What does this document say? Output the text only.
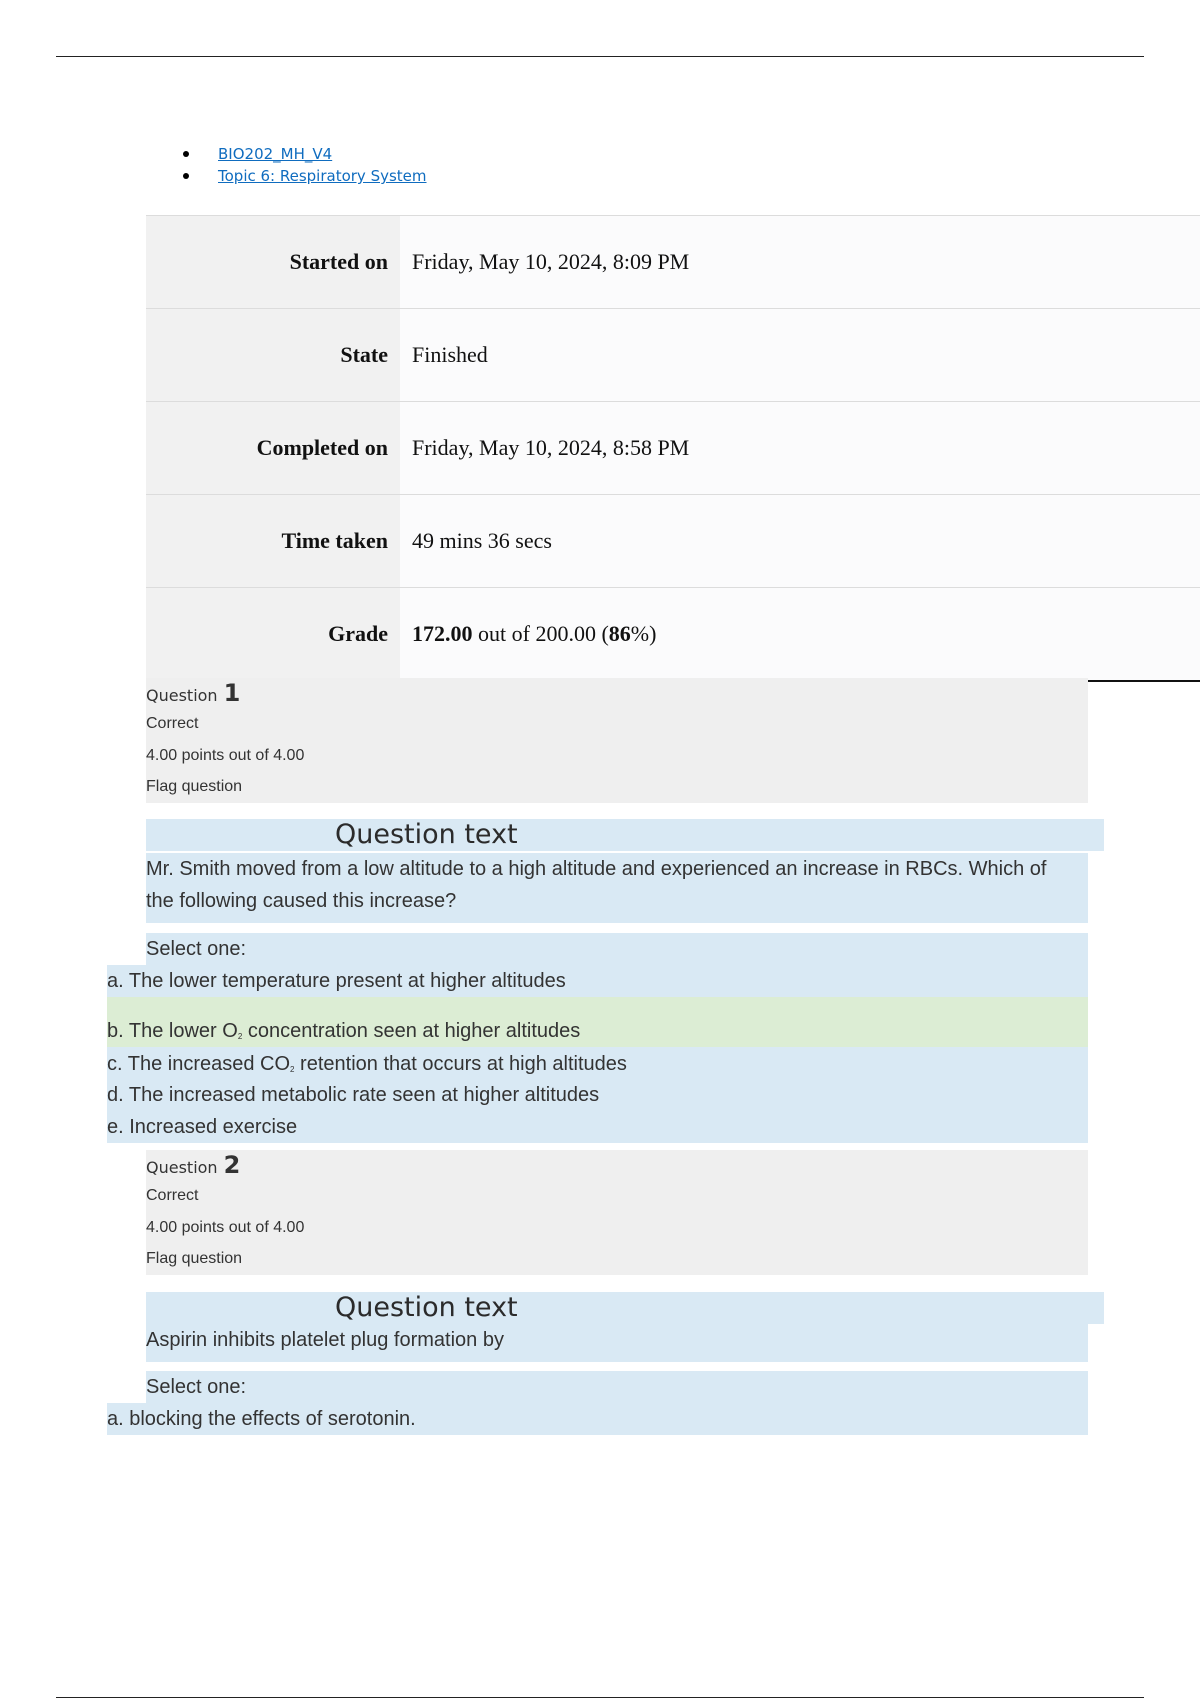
BIO202_MH_V4
Topic 6: Respiratory System
Started on	Friday, May 10, 2024, 8:09 PM
State	Finished
Completed on	Friday, May 10, 2024, 8:58 PM
Time taken	49 mins 36 secs
Grade	172.00 out of 200.00 (86%)
Question 1
Correct
4.00 points out of 4.00
Flag question
Question text
Mr. Smith moved from a low altitude to a high altitude and experienced an increase in RBCs. Which of the following caused this increase?
Select one:
a. The lower temperature present at higher altitudes
b. The lower $O_2$ concentration seen at higher altitudes
c. The increased $CO_2$ retention that occurs at high altitudes
d. The increased metabolic rate seen at higher altitudes
e. Increased exercise
Question 2
Correct
4.00 points out of 4.00
Flag question
Question text
Aspirin inhibits platelet plug formation by
Select one:
a. blocking the effects of serotonin.
